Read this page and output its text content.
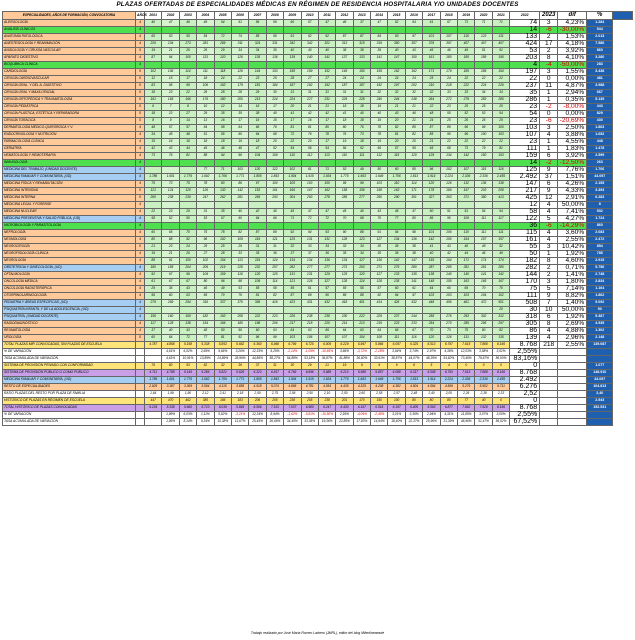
PLAZAS OFERTADAS DE ESPECIALIDADES MÉDICAS EN RÉGIMEN DE RESIDENCIA HOSPITALARIA Y/O UNIDADES DOCENTES
ESPECIALIDADES, AÑOS DE FORMACIÓN, CONVOCATORIA	AÑOS	2001	2002	2003	2004	2005	2006	2007	2008	2009	2010	2011	2012	2013	2014	2015	2016	2017	2018	2019	2020	2021	2022	2023	dif	%	
ALERGOLOGÍA	4	40	47	46	49	54	51	56	59	60	57	47	46	37	47	52	54	61	67	71	71	71	74	3	4,23%	1.284	
ANÁLISIS CLÍNICOS	4																						14	-6	-30,00%	544	
ANATOMÍA PATOLÓGICA	4	65	53	55	54	72	74	85	90	91	92	92	87	87	84	93	97	101	107	116	123	131	133	2	1,53%	2.013	
ANESTESIOLOGÍA Y REANIMACIÓN	4	226	234	273	281	289	311	324	331	342	342	321	313	315	319	350	357	376	397	407	407	407	424	17	4,18%	7.586	
ANGIOLOGÍA Y CIRUGÍA VASCULAR	5	19	21	26	29	29	34	34	35	40	40	40	38	38	39	40	43	46	46	49	51	51	53	2	3,92%	860	
APARATO DIGESTIVO	4	87	94	100	113	120	126	135	136	139	140	141	137	133	141	147	150	161	180	185	189	195	203	8	4,10%	3.280	
BIOQUÍMICA CLÍNICA	4																						4	-4	-50,00%	283	
CARDIOLOGÍA	5	102	106	114	111	118	126	144	153	158	159	152	149	150	159	162	162	171	179	185	189	194	197	3	1,55%	3.438	
CIRUGÍA CARDIOVASCULAR	5	12	15	17	18	24	22	23	25	28	27	27	24	24	24	24	24	25	24	22	22	22	22	0	0,00%	481	
CIRUGÍA GRAL. Y DEL A. DIGESTIVO	5	83	95	99	106	163	179	181	184	187	192	192	187	187	192	197	202	210	218	222	224	226	237	11	4,87%	3.988	
CIRUGÍA ORAL Y MAXILOFACIAL	5	18	23	22	26	28	28	29	30	31	31	31	31	31	32	32	32	32	33	33	34	34	35	1	2,94%	667	
CIRUGÍA ORTOPÉDICA Y TRAUMATOLOGÍA	5	161	165	166	176	180	200	213	224	224	227	231	229	228	240	244	248	264	272	279	283	285	286	1	0,35%	5.139	
CIRUGÍA PEDIÁTRICA	5	6	7	8	10	12	14	16	17	20	21	21	18	18	19	21	21	22	23	25	25	25	23	-2	-8,00%	443	
CIRUGÍA PLÁSTICA, ESTÉTICA Y REPARADORA	5	18	23	27	29	35	35	38	40	41	42	42	41	40	40	43	46	48	50	52	53	54	54	0	0,00%	829	
CIRUGÍA TORÁCICA	5	8	9	14	13	16	17	16	15	17	16	17	18	18	19	20	21	24	25	26	26	29	23	-6	-20,69%	430	
DERMATOLOGÍA MÉDICO-QUIRÚRGICA Y V.	4	48	57	57	54	58	64	66	76	81	81	80	80	76	78	82	85	87	89	96	99	100	103	3	2,50%	1.863	
ENDOCRINOLOGÍA Y NUTRICIÓN	4	34	45	48	51	55	60	64	68	72	76	78	76	73	78	81	82	85	90	96	100	103	107	4	3,88%	1.652	
FARMACOLOGÍA CLÍNICA	4	15	16	16	18	18	19	18	20	22	20	17	19	18	19	20	20	21	22	22	22	22	23	1	4,55%	448	
GERIATRÍA	4	42	43	44	45	46	48	47	52	54	56	54	56	52	56	57	59	65	68	73	79	81	111	1	1,83%	1.478	
HEMATOLOGÍA Y HEMOTERAPIA	4	73	76	81	88	94	96	104	109	110	112	113	110	111	112	115	120	129	134	142	150	153	159	6	3,92%	2.599	
INMUNOLOGÍA	4																						14	-2	-12,50%	263	
MEDICINA DEL TRABAJO, (UNIDAD DOCENTE)	4				77	71	103	120	122	102	61	71	53	49	50	60	85	96	102	107	115	116	125	9	7,76%	1.706	
MEDICINA FAMILIAR Y COMUNITARIA, (UD)	4	1.786	1.601	1.776	1.692	1.706	1.771	1.805	1.843	1.904	1.915	1.934	1.775	1.663	1.649	1.706	1.813	1.914	2.224	2.336	2.336	2.455	2.492	37	1,51%	44.097	
MEDICINA FÍSICA Y REHABILITACIÓN	4	75	73	75	78	80	86	97	100	105	103	100	99	99	103	110	114	120	126	132	136	138	147	6	4,26%	2.155	
MEDICINA INTENSIVA	5	121	124	125	126	130	142	153	161	166	167	162	158	156	158	163	171	178	189	197	203	208	217	9	4,33%	3.393	
MEDICINA INTERNA	5	260	238	239	247	262	281	265	293	304	293	278	285	277	290	290	301	327	363	371	380	413	425	12	2,91%	6.283	
MEDICINA LEGAL Y FORENSE	4																						12	4	50,00%	8	
MEDICINA NUCLEAR	4	22	23	29	31	35	40	42	45	45	47	47	45	40	43	46	47	50	51	51	54	54	58	4	7,41%	932	
MEDICINA PREVENTIVA Y SALUD PÚBLICA, (UD)	4	58	52	50	53	57	60	64	66	71	72	72	70	68	70	77	80	86	95	109	111	117	122	5	4,27%	1.724	
MICROBIOLOGÍA Y PARASITOLOGÍA	4																						36	-6	-14,29%	860	
NEFROLOGÍA	4	60	65	70	75	78	82	87	89	92	94	93	90	88	91	94	98	101	106	110	111	111	115	4	3,60%	2.083	
NEUMOLOGÍA	4	80	88	92	96	102	109	119	121	125	131	131	128	123	127	134	136	142	150	154	157	157	161	4	2,55%	2.472	
NEUROCIRUGÍA	5	21	23	24	25	25	29	31	31	32	33	34	33	34	35	36	38	41	43	46	49	52	55	3	10,42%	894	
NEUROFISIOLOGÍA CLÍNICA	4	19	21	26	27	28	33	35	36	37	37	36	35	34	35	36	38	40	42	44	46	49	50	1	1,92%	785	
NEUROLOGÍA	4	88	91	100	102	104	113	119	124	134	134	136	134	127	136	142	147	155	164	171	174	174	182	8	4,60%	2.915	
OBSTETRICIA Y GINECOLOGÍA, (UD)	4	180	185	204	205	219	228	232	257	262	277	277	273	263	271	275	280	287	285	281	281	280	282	2	0,71%	5.756	
OFTALMOLOGÍA	4	92	97	99	104	109	116	120	125	131	131	129	125	120	127	133	135	138	140	140	141	142	144	2	1,41%	2.748	
ONCOLOGÍA MÉDICA	4	61	67	67	80	96	98	109	114	121	126	127	128	124	128	135	141	148	155	163	165	167	170	3	1,80%	2.834	
ONCOLOGÍA RADIOTERÁPICA	4	29	36	43	46	49	53	55	58	59	61	57	55	55	57	60	61	64	66	69	70	70	75	5	7,14%	1.164	
OTORRINOLARINGOLOGÍA	4	56	60	63	65	70	76	81	82	87	89	90	89	88	92	94	97	103	103	103	104	102	111	9	8,82%	1.862	
PEDIATRÍA Y ÁREAS ESPECÍFICAS, (UD)	4	279	269	294	316	337	370	395	416	423	431	432	418	401	414	426	432	448	456	461	472	501	508	7	1,40%	9.092	
PSIQUIATRÍA INFANTIL Y DE LA ADOLESCENCIA, (UD)	4																					20	30	10	50,00%	50	
PSIQUIATRÍA, (UNIDAD DOCENTE)	4	156	160	169	182	193	208	222	223	226	238	238	230	222	229	237	244	258	276	293	302	312	318	6	1,92%	5.387	
RADIODIAGNÓSTICO	4	117	128	138	154	166	180	198	206	217	218	220	214	213	219	223	233	254	270	285	295	297	305	8	2,69%	4.935	
REUMATOLOGÍA	4	37	40	43	48	50	56	60	63	64	63	66	64	63	64	66	67	70	73	75	80	82	86	4	4,88%	1.302	
UROLOGÍA	5	60	64	72	77	81	92	96	99	103	106	107	107	104	108	111	116	120	126	131	132	135	139	4	2,96%	2.148	
TOTAL PLAZAS MIR CONVOCADAS, SIN PLAZAS DE ESCUELA		4.787	4.868	5.198	5.338	5.853	5.662	6.360	6.948	6.799	6.725	6.009	6.229	5.997	5.866	6.097	6.325	6.513	6.797	7.615	7.888	8.166	8.768	218	2,55%	139.087	
% DE VARIACIÓN			4,61%	6,02%	2,69%	9,66%	3,26%	12,33%	9,25%	-2,14%	-1,09%	-10,65%	3,66%	-3,72%	-2,18%	3,94%	3,74%	2,97%	4,36%	12,03%	3,58%	3,52%	2,55%				
TASA ACUMULADA DE VARIACIÓN			4,61%	10,91%	13,89%	24,89%	28,96%	44,86%	58,27%	54,88%	53,18%	36,87%	41,88%	36,60%	33,61%	38,87%	44,07%	48,35%	54,82%	73,45%	79,67%	86,00%	83,16%				
SISTEMA DE PROVISIÓN PRIVADO CON CONFORMIDAD		76	80	53	52	32	36	37	31	30	29	21	19	9	9	9	8	5	4	0	0	0	0			1.077	
SISTEMA DE PROVISIÓN PÚBLICO O COMO PÚBLICO		4.711	4.788	5.145	5.286	5.821	5.626	6.323	6.917	6.769	6.696	5.988	6.210	5.988	5.857	6.088	6.317	6.508	6.793	7.615	7.888	8.166	8.768			148.910	
MEDICINA FAMILIAR Y COMUNITARIA, (UD)		1.786	1.601	1.776	1.692	1.706	1.771	1.805	1.843	1.904	1.915	1.934	1.775	1.663	1.649	1.706	1.813	1.914	2.224	2.336	2.336	2.455	2.492			44.097	
RESTO DE ESPECIALIDADES		2.925	3.187	3.369	3.594	4.115	3.855	4.518	5.074	4.865	4.781	4.054	4.435	4.325	4.208	4.382	4.504	4.594	4.569	5.279	5.552	5.711	6.276			104.813	
RATIO PLAZAS DEL RESTO POR PLAZA DE FAMILIA		1,64	1,99	1,90	2,12	2,41	2,18	2,50	2,75	2,56	2,50	2,10	2,50	2,60	2,55	2,57	2,48	2,40	2,05	2,26	2,38	2,33	2,52			2,40	
HISTÓRICO DE PLAZAS EN RÉGIMEN DE ESCUELA		447	470	462	385	186	183	206	205	238	255	238	201	170	150	100	80	80	80	77	40	0	0			2.543	
TOTAL HISTÓRICO DE PLAZAS CONVOCADAS		5.234	5.338	5.660	5.723	6.039	5.845	6.566	7.153	7.037	6.980	6.247	6.430	6.167	6.016	6.197	6.405	6.593	6.877	7.692	7.928	8.166	8.768			152.531	
% DE VARIACIÓN			1,99%	6,03%	1,11%	5,52%	-3,21%	12,34%	8,94%	-1,62%	-0,81%	-10,50%	2,93%	-4,09%	-2,45%	3,01%	3,36%	2,94%	4,31%	11,85%	3,07%	3,00%	2,55%				
TASA ACUMULADA DE VARIACIÓN			1,99%	8,14%	9,34%	15,38%	11,67%	25,45%	36,66%	34,45%	33,36%	19,36%	22,85%	17,83%	14,94%	18,40%	22,37%	25,96%	31,39%	46,96%	51,47%	56,02%	67,52%				
Trabajo realizado por José María Romeo Ladrero (JMRL), editor del blog Mifenlineaeade
